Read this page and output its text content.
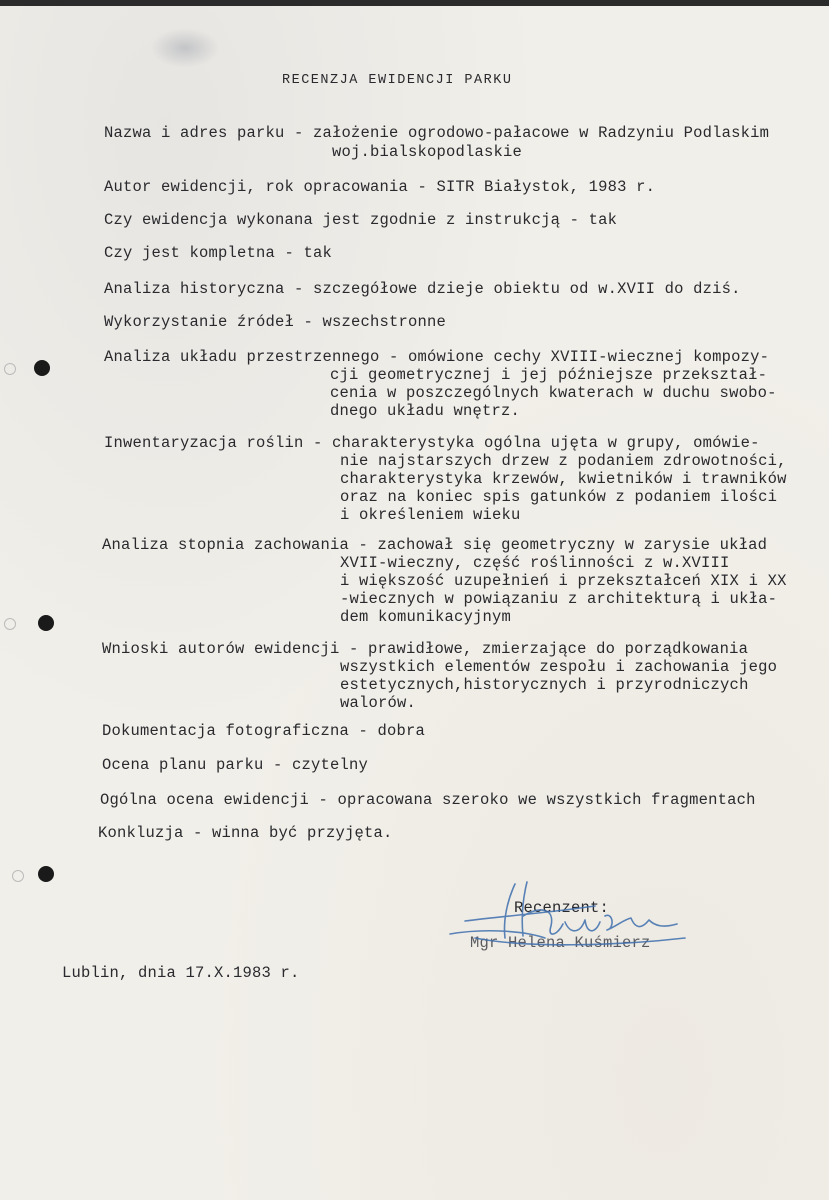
RECENZJA EWIDENCJI PARKU
Nazwa i adres parku - założenie ogrodowo-pałacowe w Radzyniu Podlaskim
woj.bialskopodlaskie
Autor ewidencji, rok opracowania - SITR Białystok, 1983 r.
Czy ewidencja wykonana jest zgodnie z instrukcją - tak
Czy jest kompletna - tak
Analiza historyczna - szczegółowe dzieje obiektu od w.XVII do dziś.
Wykorzystanie źródeł - wszechstronne
Analiza układu przestrzennego - omówione cechy XVIII-wiecznej kompozy-
cji geometrycznej i jej późniejsze przekształ-
cenia w poszczególnych kwaterach w duchu swobo-
dnego układu wnętrz.
Inwentaryzacja roślin - charakterystyka ogólna ujęta w grupy, omówie-
nie najstarszych drzew z podaniem zdrowotności,
charakterystyka krzewów, kwietników i trawników
oraz na koniec spis gatunków z podaniem ilości
i określeniem wieku
Analiza stopnia zachowania - zachował się geometryczny w zarysie układ
XVII-wieczny, część roślinności z w.XVIII
i większość uzupełnień i przekształceń XIX i XX
-wiecznych w powiązaniu z architekturą i ukła-
dem komunikacyjnym
Wnioski autorów ewidencji - prawidłowe, zmierzające do porządkowania
wszystkich elementów zespołu i zachowania jego
estetycznych,historycznych i przyrodniczych
walorów.
Dokumentacja fotograficzna - dobra
Ocena planu parku - czytelny
Ogólna ocena ewidencji - opracowana szeroko we wszystkich fragmentach
Konkluzja - winna być przyjęta.
Recenzent:
Mgr Helena Kuśmierz
Lublin, dnia 17.X.1983 r.
